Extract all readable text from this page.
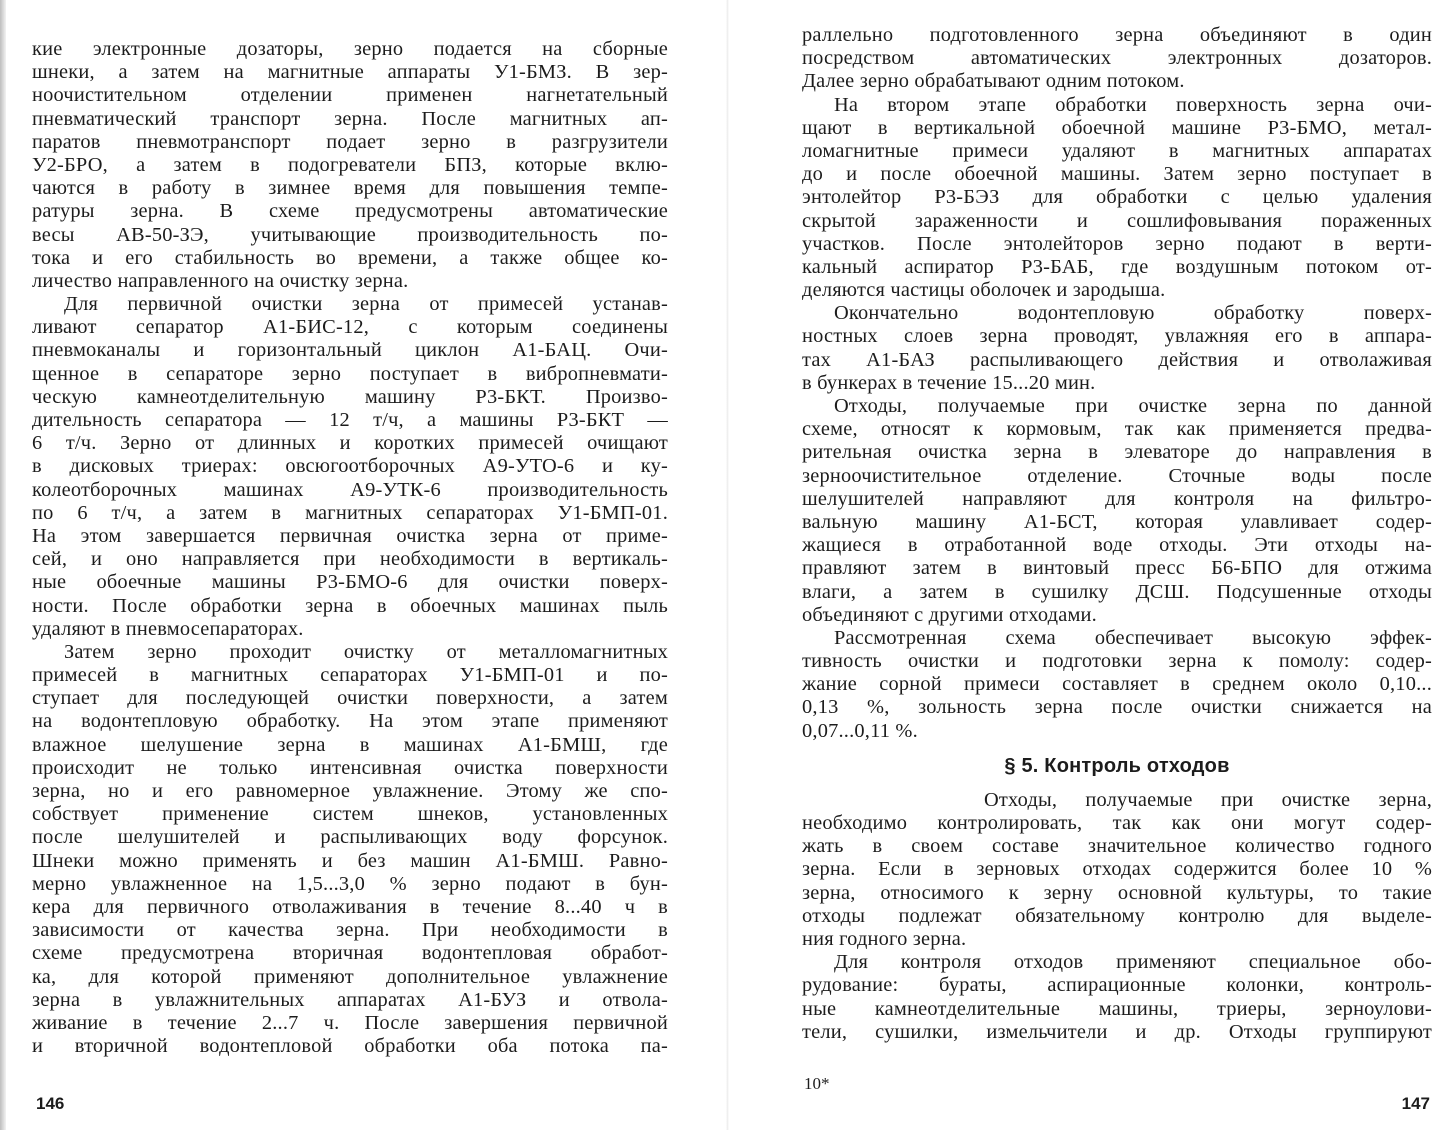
кие электронные дозаторы, зерно подается на сборные
шнеки, а затем на магнитные аппараты У1-БМЗ. В зер-
ноочистительном отделении применен нагнетательный
пневматический транспорт зерна. После магнитных ап-
паратов пневмотранспорт подает зерно в разгрузители
У2-БРО, а затем в подогреватели БПЗ, которые вклю-
чаются в работу в зимнее время для повышения темпе-
ратуры зерна. В схеме предусмотрены автоматические
весы АВ-50-ЗЭ, учитывающие производительность по-
тока и его стабильность во времени, а также общее ко-
личество направленного на очистку зерна.
Для первичной очистки зерна от примесей устанав-
ливают сепаратор А1-БИС-12, с которым соединены
пневмоканалы и горизонтальный циклон А1-БАЦ. Очи-
щенное в сепараторе зерно поступает в вибропневмати-
ческую камнеотделительную машину Р3-БКТ. Произво-
дительность сепаратора — 12 т/ч, а машины Р3-БКТ —
6 т/ч. Зерно от длинных и коротких примесей очищают
в дисковых триерах: овсюгоотборочных А9-УТО-6 и ку-
колеотборочных машинах А9-УТК-6 производительность
по 6 т/ч, а затем в магнитных сепараторах У1-БМП-01.
На этом завершается первичная очистка зерна от приме-
сей, и оно направляется при необходимости в вертикаль-
ные обоечные машины Р3-БМО-6 для очистки поверх-
ности. После обработки зерна в обоечных машинах пыль
удаляют в пневмосепараторах.
Затем зерно проходит очистку от металломагнитных
примесей в магнитных сепараторах У1-БМП-01 и по-
ступает для последующей очистки поверхности, а затем
на водонтепловую обработку. На этом этапе применяют
влажное шелушение зерна в машинах А1-БМШ, где
происходит не только интенсивная очистка поверхности
зерна, но и его равномерное увлажнение. Этому же спо-
собствует применение систем шнеков, установленных
после шелушителей и распыливающих воду форсунок.
Шнеки можно применять и без машин А1-БМШ. Равно-
мерно увлажненное на 1,5...3,0 % зерно подают в бун-
кера для первичного отволаживания в течение 8...40 ч в
зависимости от качества зерна. При необходимости в
схеме предусмотрена вторичная водонтепловая обработ-
ка, для которой применяют дополнительное увлажнение
зерна в увлажнительных аппаратах А1-БУЗ и отвола-
живание в течение 2...7 ч. После завершения первичной
и вторичной водонтепловой обработки оба потока па-
146
раллельно подготовленного зерна объединяют в один
посредством автоматических электронных дозаторов.
Далее зерно обрабатывают одним потоком.
На втором этапе обработки поверхность зерна очи-
щают в вертикальной обоечной машине Р3-БМО, метал-
ломагнитные примеси удаляют в магнитных аппаратах
до и после обоечной машины. Затем зерно поступает в
энтолейтор Р3-БЭЗ для обработки с целью удаления
скрытой зараженности и сошлифовывания пораженных
участков. После энтолейторов зерно подают в верти-
кальный аспиратор Р3-БАБ, где воздушным потоком от-
деляются частицы оболочек и зародыша.
Окончательно водонтепловую обработку поверх-
ностных слоев зерна проводят, увлажняя его в аппара-
тах А1-БАЗ распыливающего действия и отволаживая
в бункерах в течение 15...20 мин.
Отходы, получаемые при очистке зерна по данной
схеме, относят к кормовым, так как применяется предва-
рительная очистка зерна в элеваторе до направления в
зерноочистительное отделение. Сточные воды после
шелушителей направляют для контроля на фильтро-
вальную машину А1-БСТ, которая улавливает содер-
жащиеся в отработанной воде отходы. Эти отходы на-
правляют затем в винтовый пресс Б6-БПО для отжима
влаги, а затем в сушилку ДСШ. Подсушенные отходы
объединяют с другими отходами.
Рассмотренная схема обеспечивает высокую эффек-
тивность очистки и подготовки зерна к помолу: содер-
жание сорной примеси составляет в среднем около 0,10...
0,13 %, зольность зерна после очистки снижается на
0,07...0,11 %.
§ 5. Контроль отходов
Отходы, получаемые при очистке зерна,
необходимо контролировать, так как они могут содер-
жать в своем составе значительное количество годного
зерна. Если в зерновых отходах содержится более 10 %
зерна, относимого к зерну основной культуры, то такие
отходы подлежат обязательному контролю для выделе-
ния годного зерна.
Для контроля отходов применяют специальное обо-
рудование: бураты, аспирационные колонки, контроль-
ные камнеотделительные машины, триеры, зерноулови-
тели, сушилки, измельчители и др. Отходы группируют
10*
147
